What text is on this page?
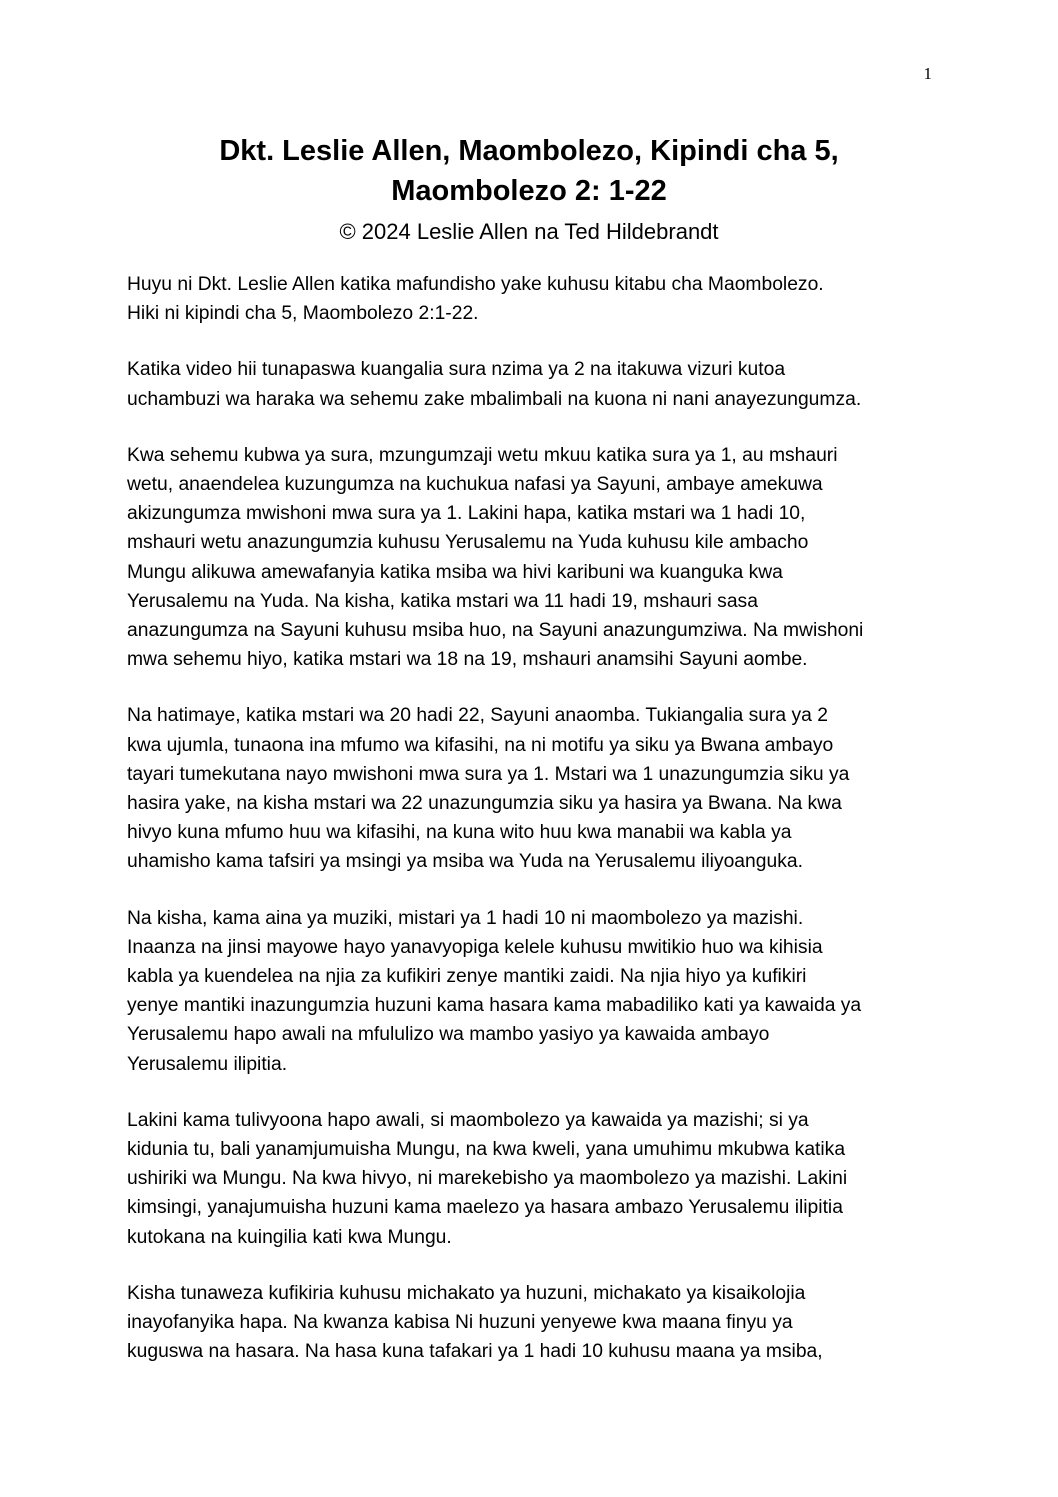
1
Dkt. Leslie Allen, Maombolezo, Kipindi cha 5,
Maombolezo 2: 1-22
© 2024 Leslie Allen na Ted Hildebrandt
Huyu ni Dkt. Leslie Allen katika mafundisho yake kuhusu kitabu cha Maombolezo.
Hiki ni kipindi cha 5, Maombolezo 2:1-22.
Katika video hii tunapaswa kuangalia sura nzima ya 2 na itakuwa vizuri kutoa
uchambuzi wa haraka wa sehemu zake mbalimbali na kuona ni nani anayezungumza.
Kwa sehemu kubwa ya sura, mzungumzaji wetu mkuu katika sura ya 1, au mshauri
wetu, anaendelea kuzungumza na kuchukua nafasi ya Sayuni, ambaye amekuwa
akizungumza mwishoni mwa sura ya 1. Lakini hapa, katika mstari wa 1 hadi 10,
mshauri wetu anazungumzia kuhusu Yerusalemu na Yuda kuhusu kile ambacho
Mungu alikuwa amewafanyia katika msiba wa hivi karibuni wa kuanguka kwa
Yerusalemu na Yuda. Na kisha, katika mstari wa 11 hadi 19, mshauri sasa
anazungumza na Sayuni kuhusu msiba huo, na Sayuni anazungumziwa. Na mwishoni
mwa sehemu hiyo, katika mstari wa 18 na 19, mshauri anamsihi Sayuni aombe.
Na hatimaye, katika mstari wa 20 hadi 22, Sayuni anaomba. Tukiangalia sura ya 2
kwa ujumla, tunaona ina mfumo wa kifasihi, na ni motifu ya siku ya Bwana ambayo
tayari tumekutana nayo mwishoni mwa sura ya 1. Mstari wa 1 unazungumzia siku ya
hasira yake, na kisha mstari wa 22 unazungumzia siku ya hasira ya Bwana. Na kwa
hivyo kuna mfumo huu wa kifasihi, na kuna wito huu kwa manabii wa kabla ya
uhamisho kama tafsiri ya msingi ya msiba wa Yuda na Yerusalemu iliyoanguka.
Na kisha, kama aina ya muziki, mistari ya 1 hadi 10 ni maombolezo ya mazishi.
Inaanza na jinsi mayowe hayo yanavyopiga kelele kuhusu mwitikio huo wa kihisia
kabla ya kuendelea na njia za kufikiri zenye mantiki zaidi. Na njia hiyo ya kufikiri
yenye mantiki inazungumzia huzuni kama hasara kama mabadiliko kati ya kawaida ya
Yerusalemu hapo awali na mfululizo wa mambo yasiyo ya kawaida ambayo
Yerusalemu ilipitia.
Lakini kama tulivyoona hapo awali, si maombolezo ya kawaida ya mazishi; si ya
kidunia tu, bali yanamjumuisha Mungu, na kwa kweli, yana umuhimu mkubwa katika
ushiriki wa Mungu. Na kwa hivyo, ni marekebisho ya maombolezo ya mazishi. Lakini
kimsingi, yanajumuisha huzuni kama maelezo ya hasara ambazo Yerusalemu ilipitia
kutokana na kuingilia kati kwa Mungu.
Kisha tunaweza kufikiria kuhusu michakato ya huzuni, michakato ya kisaikolojia
inayofanyika hapa. Na kwanza kabisa Ni huzuni yenyewe kwa maana finyu ya
kuguswa na hasara. Na hasa kuna tafakari ya 1 hadi 10 kuhusu maana ya msiba,
